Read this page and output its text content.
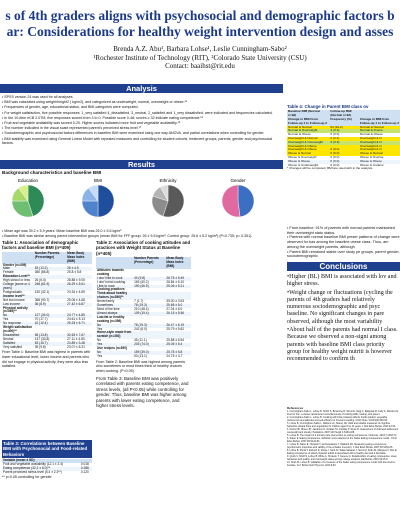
s of 4th graders aligns with psychosocial and demographic factors b
ar: Considerations for healthy weight intervention design and asses
Brenda A.Z. Abu¹, Barbara Lohse¹, Leslie Cunningham-Sabo²
¹Rochester Institute of Technology (RIT), ²Colorado State University (CSU)
Contact: baaihst@rit.edu
Analysis

• SPSS version 24 was used for all analyses.

• BMI was calculated using weight/height2 ( kg/m2), and categorized as underweight, normal, overweight or obese.¹⁴

• Frequencies of gender, age, educational status, and BMI categories were computed.

• For weight satisfaction, five possible responses: 1_very satisfied 4_dissatisfied, 3_neutral, 2_satisfied and 1_very dissatisfied, were indicated and frequencies calculated.

• In the 10-item eCB 2.0TM, five responses scored from 3 to 0. Possible score 0-48; scores ≥ 32 indicate eating competence.¹⁵

• Fruit and vegetable availability was scored 0-20. Higher scores indicated more fruit and vegetable availability.¹⁶

• The number indicated in the visual scale represented parent's perceived stress level.¹⁷

• Sociodemographic and psychosocial factors differences in baseline BMI were examined using one way ANOVA, and partial correlations when controlling for gender.

• BMI stability was examined using General Linear Model with repeated measures and controlling for student cohorts, treatment groups, parents, gender and psychosocial factors.

Results
Background characteristics and baseline BMI
Education	BMI	Ethnicity	Gender

• Mean age was 39.2 ± 5.9 years. Mean baseline BMI was 25.0 ± 5.6 kg/m²

• Baseline BMI was similar among parent intervention groups (mean BMI for FFF group: 26 ± 5.5 kg/m²; Control group: 25.6 ± 5.2 kg/m²) (P<0.735; p= 0.351).

Table 1: Association of demographic factors and baseline BMI (n=409)
	Number Parents (Percentage)	Mean Body Mass Index (BMI)
Gender (n=409)		
Male	53 (13.2)	26 ± 4.5
Female	350 (86.8)	25.8 ± 5.8
Education Level**		
High school or less	26 (6.4)	28.88 ± 9.05
College (some or 4 years)	248 (61.9)	26.29 ± 5.61
Postgraduate	130 (32.1)	24.34 ± 4.69
Income level**		
Not low income	368 (90.7)	25.06 ± 4.68
Low income	36 (8.9)	27.42 ± 6.87
Physical activity (n=365)**		
No	127 (34.0)	24.77 ± 4.85
Yes	70 (17.7)	24.61 ± 5.13
No response	42 (10.4)	25.33 ± 6.71
Weight satisfaction (n=400)**		
Dissatisfied	56 (13.8)	32.63 ± 7.67
Neutral	137 (33.8)	27.11 ± 4.83
Satisfied	63 (15.7)	24.89 ± 3.48
Very satisfied	39 (9.8)	23.07 ± 6.31

From Table 1: Baseline BMI was highest in parents with lower educational level, lower income and parents who did not engage in physical activity; they were also less satisfied.

Table 3: Correlations between Baseline BMI with Psychosocial and Food-related Behaviors
Variable (mean ± SD)		
Fruit and vegetable availability (12.1 ± 2.4)		0.018
Eating competence (32.2 ± 8.0)**		0.288
Parent perceived stress level (5.4 ± 2.3**)		0.120

** p<0.05 controlling for gender

Table 2: Association of cooking attitudes and practices with Weight Status at Baseline (n=405)
	Number Parents (Percentage)	Mean Body Mass Index (BMI)
Attitudes towards cooking		
I don't like to cook	40 (9.8)	26.75 ± 5.49
I don't mind cooking	163 (40.2)	26.84 ± 6.10
I like to cook	190 (46.9)	25.06 ± 5.21
Cooking practices		
Think about healthy choices (n=396)**		
Never/rarely	7 (1.7)	35.00 ± 3.53
Sometimes	78 (19.3)	25.68 ± 6.0
Most of the time	210 (48.4)	27.04 ± 6.0
Almost always	109 (19.4)	26.15 ± 5.56
Low-fat or healthy cooking (n=396)		
No	78 (19.3)	26.47 ± 6.19
Yes	242 (6.0)	25.79 ± 5.62
Home-style made from scratch (n=392)		
No	45 (11.1)	25.88 ± 6.54
Yes	203 (74.0)	25.05 ± 5.4
Use recipes (n=390)		
No	159 (39.0)	25.78 ± 5.8
Yes	53 (13.1)	24.75 ± 4.7

From Table 2: Baseline BMI was highest among parents who sometimes or most times think of healthy choices when cooking. (P<0.05)

From Table 3: Baseline BMI was positively correlated with parents eating competence, and stress levels, (all P<0.05) while controlling for gender. Thus, baseline BMI was higher among parents with lower eating competence, and higher stress levels.

Table 4: Change in Parent BMI class ov
Baseline BMI (Normal n=92)	Follow-up BMI (Normal n=92)	
Change in BMI From Follow-up 1 to Follow-up 2	Frequency (%)	Change in BMI from Follow-up 1 to Follow-up 2
Normal & Normal	84 (91.2)	Normal & Normal
Normal & Overweight	3 (3.3)	Normal & Overw
Normal & Obese	0 (0.0)	Normal & Obese
Overweight & Normal	2 (2.2)	Overweight & N
Overweight & Overweight	3 (3.3)	Overweight & O
Overweight & Obese		Overweight & O
Overweight & Obese	0 (0.0)	Overweight & O
Obese & Normal	0 (0.0)	Obese & Normal
Obese & Overweight	0 (0.0)	Obese & Overwe
Obese & Obese	0 (0.0)	Obese & Obese
Obese & Underweight	0 (0.0)	Obese & Underw

* Changes will be computed. BMI are used with in the analysis.

• From baseline, 91% of parents with normal parents maintained their overweight statu status.

• Parents with normal baseline BMI preser patterns of change were observed for bas among the baseline obese class. Thus, am among the overweight parents, although

• Parent BMI remained stable over study pe groups, parent gender, sociodemographic

Conclusions

•Higher (BL) BMI is associated with lov and higher stress.

•Weight change or fluctuations (cycling the parents of 4th graders had relatively numerous sociodemographic and psyc baseline. No significant changes in pare observed, although the most variability

•About half of the parents had normal I class. Because we observed a non-signi among parents with baseline BMI class priority group for healthy weight nutriti is however recommended to confirm th

References
1. Cunningham-Sabo L, Lohse B, Smith S, Browning R, Strutz E, Nigg C, Balgopal M, Kelly K, Ramirez E. Fuel for Fun: a cluster-randomized controlled study of cooking skills, tasting, and parent
2. Cunningham-Sabo L, Lohse B. Cooking with Kids positively affects fourth graders' vegetable preferences and attitudes and self-efficacy for food and cooking. Child Obes. 2013;9(6):549-56.
3. Lohse B, Cunningham-Sabo L, Walters LA, Stacey JE. Valid and reliable measures of cognitive behaviors toward fruits and vegetables for children aged 9 to 11 years. J Nutr Educ Behav. 2011;43:42-
4. Krebs NF, Himes JH, Jacobson D, Nicklas TA, Guilday P, Styne D. Assessment of child and adolescent overweight and obesity. Pediatrics. 2007;120 Suppl 4:S193-228.
5. Lohse B. The impact of a primary care intervention on eating competence. Nutrients. 2015;7:1453-72.
6. Satter E. Eating competence: definition and evidence for the Satter Eating Competence model. J Nutr Educ Behav. 2007;39:S142-53.
7. Lohse B, Satter E, Horacek T, Gebreselassie T, Oakland MJ. Measuring eating competence: psychometric properties and validity of the ecSatter Inventory. J Nutr Educ Behav. 2007;39:S154-66.
8. Lohse B, Psota T, Estruch R, Zazpe I, Sorli JV, Salas-Salvado J, Serra M, Krall JS, Marquez F, Ros E. Eating competence of elderly Spanish adults is associated with a healthy diet and a favorable
9. Quick V, Shoff S, Lohse B, White A, Horacek T, Greene G. Relationships of eating competence, sleep behaviors and quality, and overweight status among college students. Eat Behav. 2015;19:15-9.
10. Krall JS, Lohse B. Validation of a measure of the Satter eating competence model with low-income females. Int J Behav Nutr Phys Act. 2011;8:26.
